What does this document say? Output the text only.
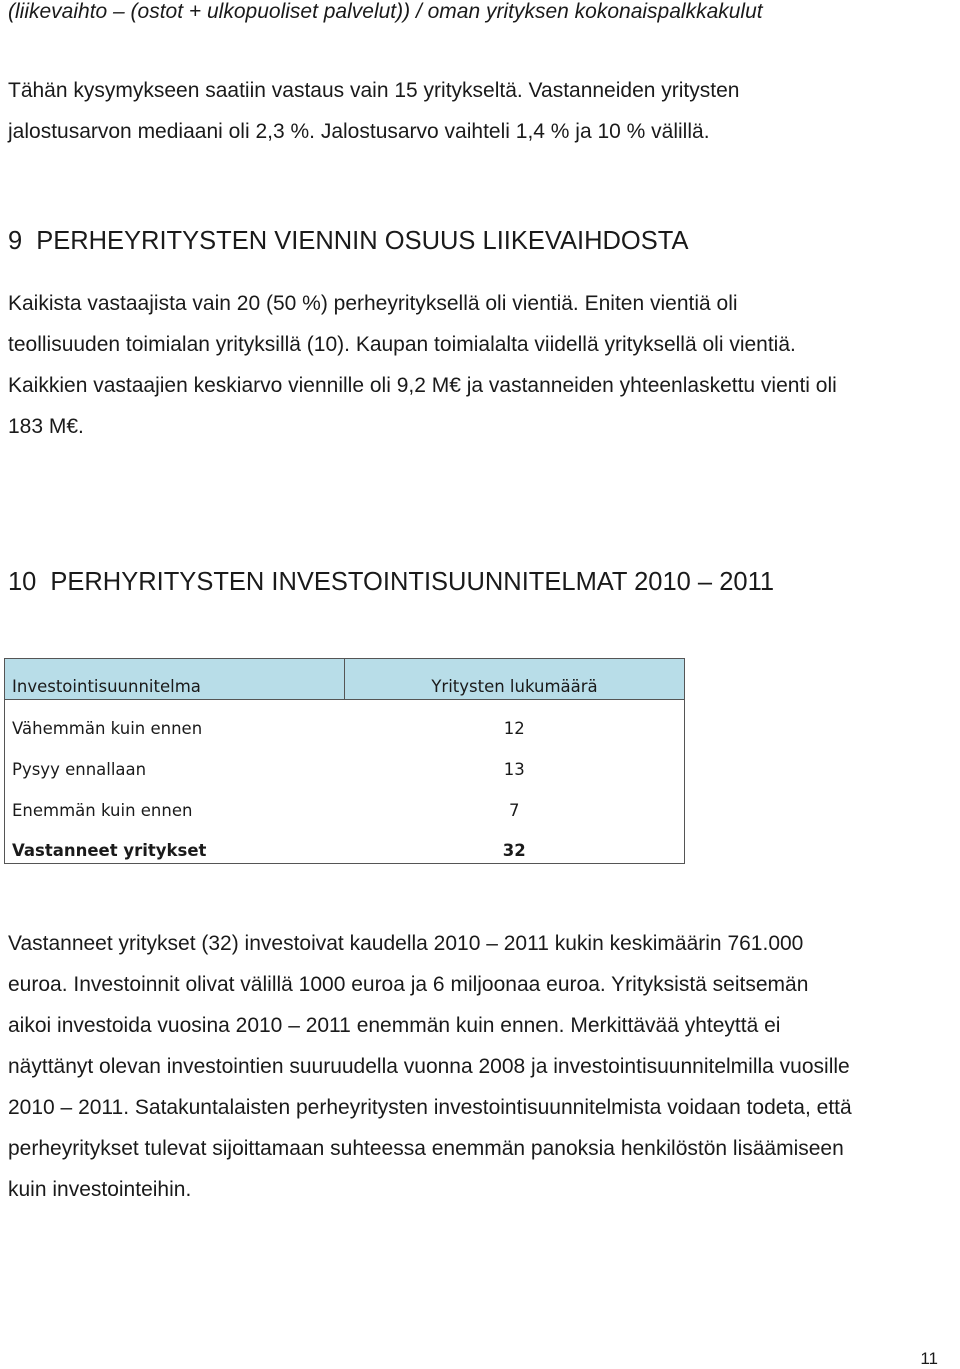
(liikevaihto – (ostot + ulkopuoliset palvelut)) / oman yrityksen kokonaispalkkakulut

Tähän kysymykseen saatiin vastaus vain 15 yritykseltä. Vastanneiden yritysten
jalostusarvon mediaani oli 2,3 %. Jalostusarvo vaihteli 1,4 % ja 10 % välillä.

9 PERHEYRITYSTEN VIENNIN OSUUS LIIKEVAIHDOSTA

Kaikista vastaajista vain 20 (50 %) perheyrityksellä oli vientiä. Eniten vientiä oli
teollisuuden toimialan yrityksillä (10). Kaupan toimialalta viidellä yrityksellä oli vientiä.
Kaikkien vastaajien keskiarvo viennille oli 9,2 M€ ja vastanneiden yhteenlaskettu vienti oli
183 M€.

10 PERHYRITYSTEN INVESTOINTISUUNNITELMAT 2010 – 2011
Investointisuunnitelma	Yritysten lukumäärä
Vähemmän kuin ennen	12
Pysyy ennallaan	13
Enemmän kuin ennen	7
Vastanneet yritykset	32

Vastanneet yritykset (32) investoivat kaudella 2010 – 2011 kukin keskimäärin 761.000
euroa. Investoinnit olivat välillä 1000 euroa ja 6 miljoonaa euroa. Yrityksistä seitsemän
aikoi investoida vuosina 2010 – 2011 enemmän kuin ennen. Merkittävää yhteyttä ei
näyttänyt olevan investointien suuruudella vuonna 2008 ja investointisuunnitelmilla vuosille
2010 – 2011. Satakuntalaisten perheyritysten investointisuunnitelmista voidaan todeta, että
perheyritykset tulevat sijoittamaan suhteessa enemmän panoksia henkilöstön lisäämiseen
kuin investointeihin.

11
